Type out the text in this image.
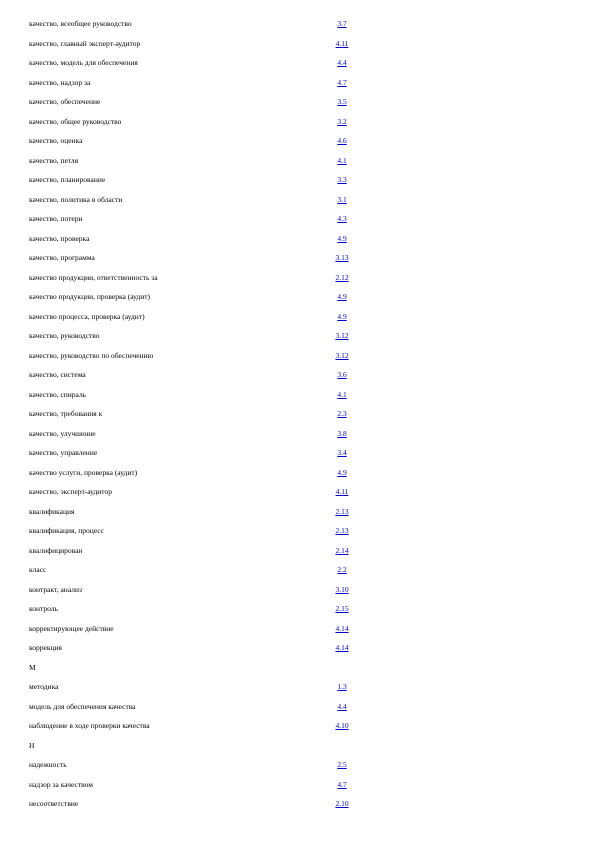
качество, всеобщее руководство	3.7
качество, главный эксперт-аудитор	4.11
качество, модель для обеспечения	4.4
качество, надзор за	4.7
качество, обеспечение	3.5
качество, общее руководство	3.2
качество, оценка	4.6
качество, петля	4.1
качество, планирование	3.3
качество, политика в области	3.1
качество, потери	4.3
качество, проверка	4.9
качество, программа	3.13
качество продукции, ответственность за	2.12
качество продукции, проверка (аудит)	4.9
качество процесса, проверка (аудит)	4.9
качество, руководство	3.12
качество, руководство по обеспечению	3.12
качество, система	3.6
качество, спираль	4.1
качество, требования к	2.3
качество, улучшение	3.8
качество, управление	3.4
качество услуги, проверка (аудит)	4.9
качество, эксперт-аудитор	4.11
квалификация	2.13
квалификация, процесс	2.13
квалифицирован	2.14
класс	2.2
контракт, анализ	3.10
контроль	2.15
корректирующее действие	4.14
коррекция	4.14
М
методика	1.3
модель для обеспечения качества	4.4
наблюдение в ходе проверки качества	4.10
Н
надежность	2.5
надзор за качеством	4.7
несоответствие	2.10
